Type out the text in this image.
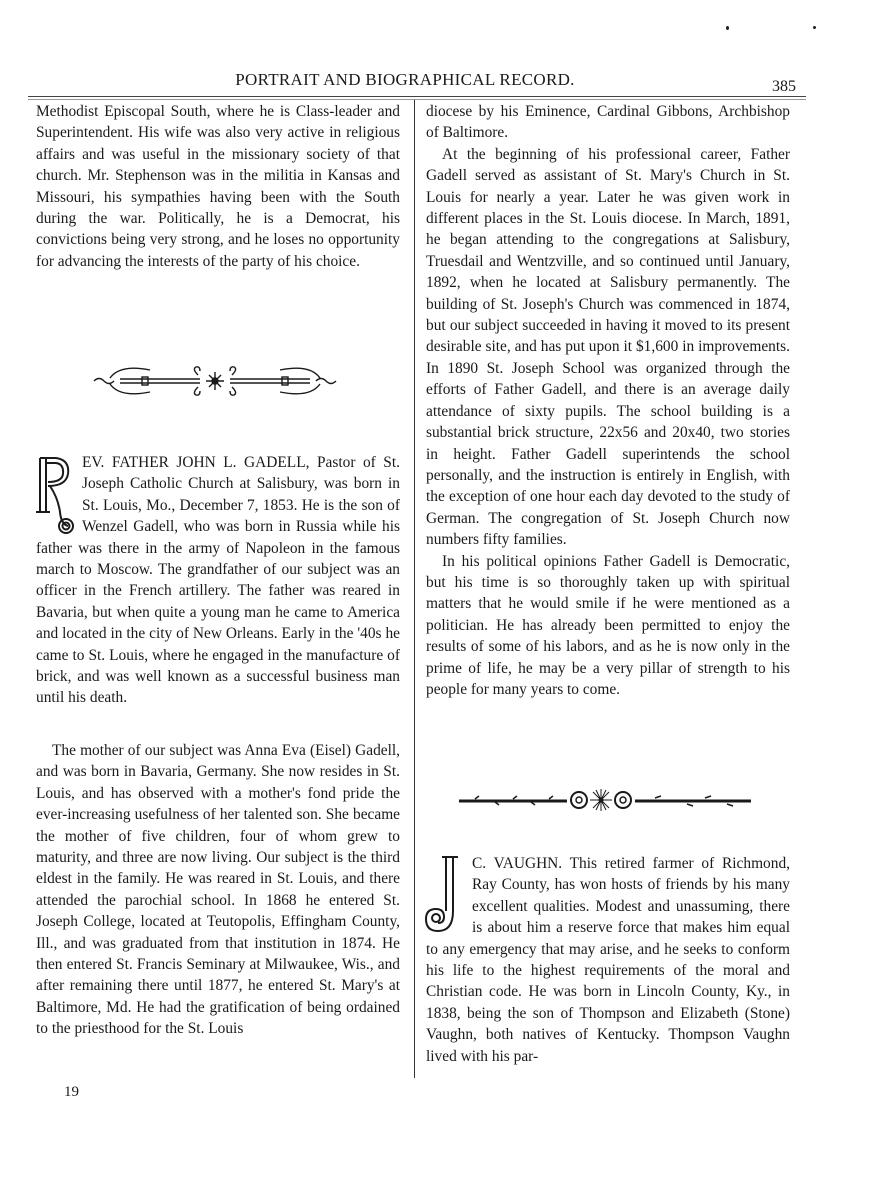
PORTRAIT AND BIOGRAPHICAL RECORD.	385

Methodist Episcopal South, where he is Class-leader and Superintendent. His wife was also very active in religious affairs and was useful in the missionary society of that church. Mr. Stephenson was in the militia in Kansas and Missouri, his sympathies having been with the South during the war. Politically, he is a Democrat, his convictions being very strong, and he loses no opportunity for advancing the interests of the party of his choice.

EV. FATHER JOHN L. GADELL, Pastor of St. Joseph Catholic Church at Salisbury, was born in St. Louis, Mo., December 7, 1853. He is the son of Wenzel Gadell, who was born in Russia while his father was there in the army of Napoleon in the famous march to Moscow. The grandfather of our subject was an officer in the French artillery. The father was reared in Bavaria, but when quite a young man he came to America and located in the city of New Orleans. Early in the '40s he came to St. Louis, where he engaged in the manufacture of brick, and was well known as a successful business man until his death.

The mother of our subject was Anna Eva (Eisel) Gadell, and was born in Bavaria, Germany. She now resides in St. Louis, and has observed with a mother's fond pride the ever-increasing usefulness of her talented son. She became the mother of five children, four of whom grew to maturity, and three are now living. Our subject is the third eldest in the family. He was reared in St. Louis, and there attended the parochial school. In 1868 he entered St. Joseph College, located at Teutopolis, Effingham County, Ill., and was graduated from that institution in 1874. He then entered St. Francis Seminary at Milwaukee, Wis., and after remaining there until 1877, he entered St. Mary's at Baltimore, Md. He had the gratification of being ordained to the priesthood for the St. Louis

diocese by his Eminence, Cardinal Gibbons, Archbishop of Baltimore.

At the beginning of his professional career, Father Gadell served as assistant of St. Mary's Church in St. Louis for nearly a year. Later he was given work in different places in the St. Louis diocese. In March, 1891, he began attending to the congregations at Salisbury, Truesdail and Wentzville, and so continued until January, 1892, when he located at Salisbury permanently. The building of St. Joseph's Church was commenced in 1874, but our subject succeeded in having it moved to its present desirable site, and has put upon it $1,600 in improvements. In 1890 St. Joseph School was organized through the efforts of Father Gadell, and there is an average daily attendance of sixty pupils. The school building is a substantial brick structure, 22x56 and 20x40, two stories in height. Father Gadell superintends the school personally, and the instruction is entirely in English, with the exception of one hour each day devoted to the study of German. The congregation of St. Joseph Church now numbers fifty families.

In his political opinions Father Gadell is Democratic, but his time is so thoroughly taken up with spiritual matters that he would smile if he were mentioned as a politician. He has already been permitted to enjoy the results of some of his labors, and as he is now only in the prime of life, he may be a very pillar of strength to his people for many years to come.

C. VAUGHN. This retired farmer of Richmond, Ray County, has won hosts of friends by his many excellent qualities. Modest and unassuming, there is about him a reserve force that makes him equal to any emergency that may arise, and he seeks to conform his life to the highest requirements of the moral and Christian code. He was born in Lincoln County, Ky., in 1838, being the son of Thompson and Elizabeth (Stone) Vaughn, both natives of Kentucky. Thompson Vaughn lived with his par-

19
